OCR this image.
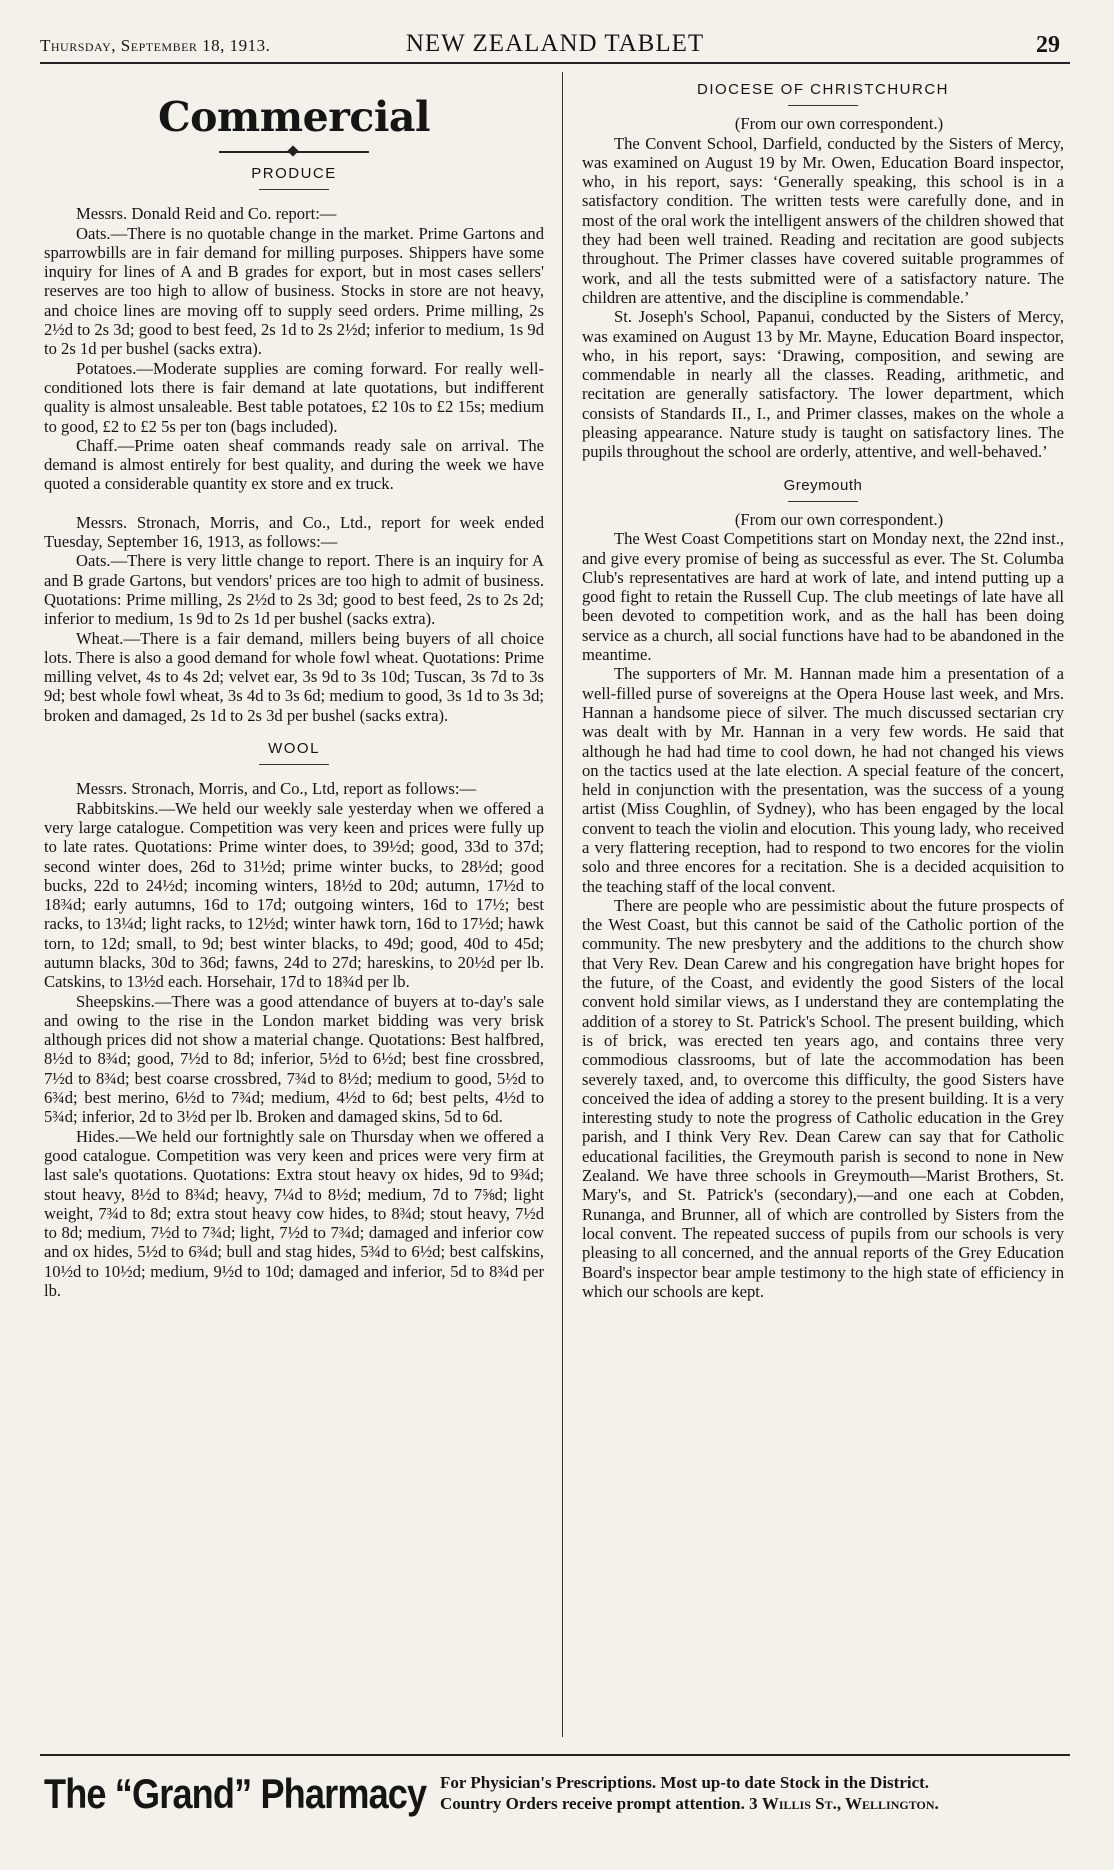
Thursday, September 18, 1913.	NEW ZEALAND TABLET	29
Commercial
PRODUCE

Messrs. Donald Reid and Co. report:—

Oats.—There is no quotable change in the market. Prime Gartons and sparrowbills are in fair demand for milling purposes. Shippers have some inquiry for lines of A and B grades for export, but in most cases sellers' reserves are too high to allow of business. Stocks in store are not heavy, and choice lines are moving off to supply seed orders. Prime milling, 2s 2½d to 2s 3d; good to best feed, 2s 1d to 2s 2½d; inferior to medium, 1s 9d to 2s 1d per bushel (sacks extra).

Potatoes.—Moderate supplies are coming forward. For really well-conditioned lots there is fair demand at late quotations, but indifferent quality is almost unsaleable. Best table potatoes, £2 10s to £2 15s; medium to good, £2 to £2 5s per ton (bags included).

Chaff.—Prime oaten sheaf commands ready sale on arrival. The demand is almost entirely for best quality, and during the week we have quoted a considerable quantity ex store and ex truck.

Messrs. Stronach, Morris, and Co., Ltd., report for week ended Tuesday, September 16, 1913, as follows:—

Oats.—There is very little change to report. There is an inquiry for A and B grade Gartons, but vendors' prices are too high to admit of business. Quotations: Prime milling, 2s 2½d to 2s 3d; good to best feed, 2s to 2s 2d; inferior to medium, 1s 9d to 2s 1d per bushel (sacks extra).

Wheat.—There is a fair demand, millers being buyers of all choice lots. There is also a good demand for whole fowl wheat. Quotations: Prime milling velvet, 4s to 4s 2d; velvet ear, 3s 9d to 3s 10d; Tuscan, 3s 7d to 3s 9d; best whole fowl wheat, 3s 4d to 3s 6d; medium to good, 3s 1d to 3s 3d; broken and damaged, 2s 1d to 2s 3d per bushel (sacks extra).

WOOL

Messrs. Stronach, Morris, and Co., Ltd, report as follows:—

Rabbitskins.—We held our weekly sale yesterday when we offered a very large catalogue. Competition was very keen and prices were fully up to late rates. Quotations: Prime winter does, to 39½d; good, 33d to 37d; second winter does, 26d to 31½d; prime winter bucks, to 28½d; good bucks, 22d to 24½d; incoming winters, 18½d to 20d; autumn, 17½d to 18¾d; early autumns, 16d to 17d; outgoing winters, 16d to 17½; best racks, to 13¼d; light racks, to 12½d; winter hawk torn, 16d to 17½d; hawk torn, to 12d; small, to 9d; best winter blacks, to 49d; good, 40d to 45d; autumn blacks, 30d to 36d; fawns, 24d to 27d; hareskins, to 20½d per lb. Catskins, to 13½d each. Horsehair, 17d to 18¾d per lb.

Sheepskins.—There was a good attendance of buyers at to-day's sale and owing to the rise in the London market bidding was very brisk although prices did not show a material change. Quotations: Best halfbred, 8½d to 8¾d; good, 7½d to 8d; inferior, 5½d to 6½d; best fine crossbred, 7½d to 8¾d; best coarse crossbred, 7¾d to 8½d; medium to good, 5½d to 6¾d; best merino, 6½d to 7¾d; medium, 4½d to 6d; best pelts, 4½d to 5¾d; inferior, 2d to 3½d per lb. Broken and damaged skins, 5d to 6d.

Hides.—We held our fortnightly sale on Thursday when we offered a good catalogue. Competition was very keen and prices were very firm at last sale's quotations. Quotations: Extra stout heavy ox hides, 9d to 9¾d; stout heavy, 8½d to 8¾d; heavy, 7¼d to 8½d; medium, 7d to 7⅝d; light weight, 7¾d to 8d; extra stout heavy cow hides, to 8¾d; stout heavy, 7½d to 8d; medium, 7½d to 7¾d; light, 7½d to 7¾d; damaged and inferior cow and ox hides, 5½d to 6¾d; bull and stag hides, 5¾d to 6½d; best calfskins, 10½d to 10½d; medium, 9½d to 10d; damaged and inferior, 5d to 8¾d per lb.

DIOCESE OF CHRISTCHURCH

(From our own correspondent.)

The Convent School, Darfield, conducted by the Sisters of Mercy, was examined on August 19 by Mr. Owen, Education Board inspector, who, in his report, says: ‘Generally speaking, this school is in a satisfactory condition. The written tests were carefully done, and in most of the oral work the intelligent answers of the children showed that they had been well trained. Reading and recitation are good subjects throughout. The Primer classes have covered suitable programmes of work, and all the tests submitted were of a satisfactory nature. The children are attentive, and the discipline is commendable.’

St. Joseph's School, Papanui, conducted by the Sisters of Mercy, was examined on August 13 by Mr. Mayne, Education Board inspector, who, in his report, says: ‘Drawing, composition, and sewing are commendable in nearly all the classes. Reading, arithmetic, and recitation are generally satisfactory. The lower department, which consists of Standards II., I., and Primer classes, makes on the whole a pleasing appearance. Nature study is taught on satisfactory lines. The pupils throughout the school are orderly, attentive, and well-behaved.’

Greymouth

(From our own correspondent.)

The West Coast Competitions start on Monday next, the 22nd inst., and give every promise of being as successful as ever. The St. Columba Club's representatives are hard at work of late, and intend putting up a good fight to retain the Russell Cup. The club meetings of late have all been devoted to competition work, and as the hall has been doing service as a church, all social functions have had to be abandoned in the meantime.

The supporters of Mr. M. Hannan made him a presentation of a well-filled purse of sovereigns at the Opera House last week, and Mrs. Hannan a handsome piece of silver. The much discussed sectarian cry was dealt with by Mr. Hannan in a very few words. He said that although he had had time to cool down, he had not changed his views on the tactics used at the late election. A special feature of the concert, held in conjunction with the presentation, was the success of a young artist (Miss Coughlin, of Sydney), who has been engaged by the local convent to teach the violin and elocution. This young lady, who received a very flattering reception, had to respond to two encores for the violin solo and three encores for a recitation. She is a decided acquisition to the teaching staff of the local convent.

There are people who are pessimistic about the future prospects of the West Coast, but this cannot be said of the Catholic portion of the community. The new presbytery and the additions to the church show that Very Rev. Dean Carew and his congregation have bright hopes for the future, of the Coast, and evidently the good Sisters of the local convent hold similar views, as I understand they are contemplating the addition of a storey to St. Patrick's School. The present building, which is of brick, was erected ten years ago, and contains three very commodious classrooms, but of late the accommodation has been severely taxed, and, to overcome this difficulty, the good Sisters have conceived the idea of adding a storey to the present building. It is a very interesting study to note the progress of Catholic education in the Grey parish, and I think Very Rev. Dean Carew can say that for Catholic educational facilities, the Greymouth parish is second to none in New Zealand. We have three schools in Greymouth—Marist Brothers, St. Mary's, and St. Patrick's (secondary),—and one each at Cobden, Runanga, and Brunner, all of which are controlled by Sisters from the local convent. The repeated success of pupils from our schools is very pleasing to all concerned, and the annual reports of the Grey Education Board's inspector bear ample testimony to the high state of efficiency in which our schools are kept.

The “Grand” Pharmacy For Physician's Prescriptions. Most up-to date Stock in the District.
Country Orders receive prompt attention. 3 Willis St., Wellington.
